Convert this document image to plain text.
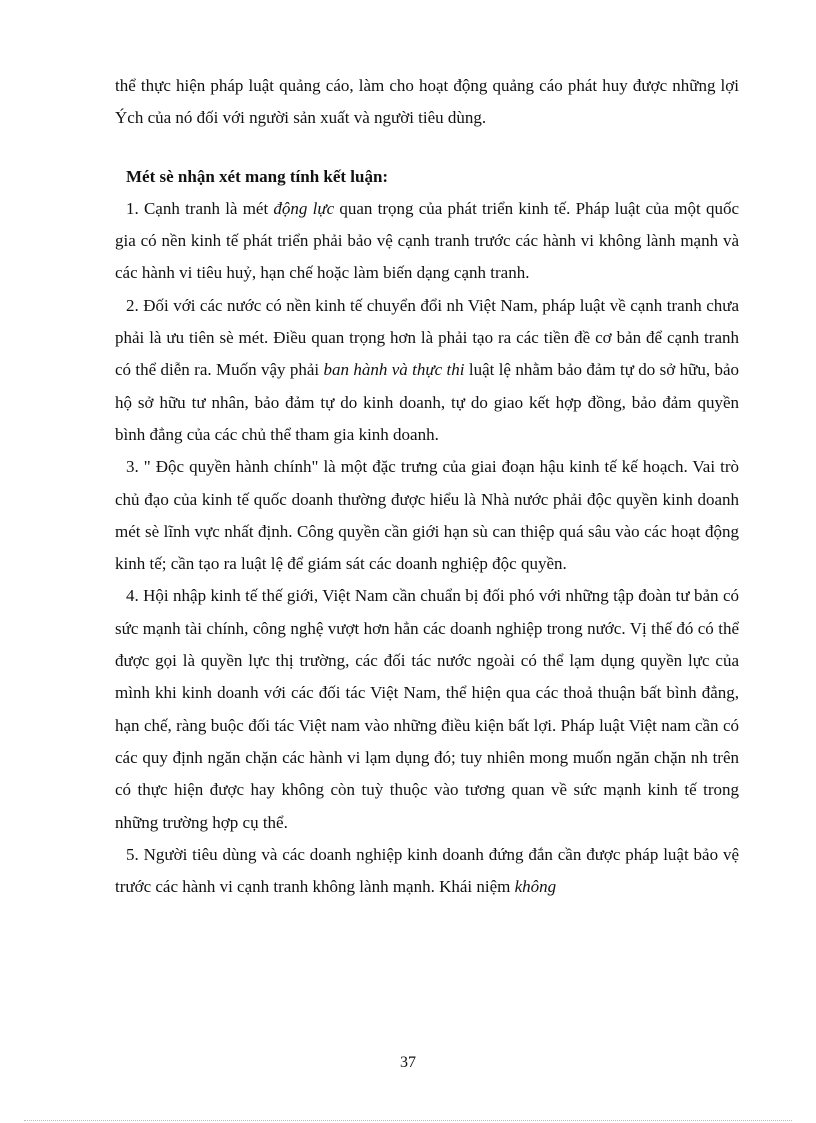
thể thực hiện pháp luật quảng cáo, làm cho hoạt động quảng cáo phát huy được những lợi Ých của nó đối với người sản xuất và người tiêu dùng.

Mét sè nhận xét mang tính kết luận:

1. Cạnh tranh là mét động lực quan trọng của phát triển kinh tế. Pháp luật của một quốc gia có nền kinh tế phát triển phải bảo vệ cạnh tranh trước các hành vi không lành mạnh và các hành vi tiêu huỷ, hạn chế hoặc làm biến dạng cạnh tranh.

2. Đối với các nước có nền kinh tế chuyển đổi nh Việt Nam, pháp luật về cạnh tranh chưa phải là ưu tiên sè mét. Điều quan trọng hơn là phải tạo ra các tiền đề cơ bản để cạnh tranh có thể diễn ra. Muốn vậy phải ban hành và thực thi luật lệ nhằm bảo đảm tự do sở hữu, bảo hộ sở hữu tư nhân, bảo đảm tự do kinh doanh, tự do giao kết hợp đồng, bảo đảm quyền bình đẳng của các chủ thể tham gia kinh doanh.

3. " Độc quyền hành chính" là một đặc trưng của giai đoạn hậu kinh tế kế hoạch. Vai trò chủ đạo của kinh tế quốc doanh thường được hiểu là Nhà nước phải độc quyền kinh doanh mét sè lĩnh vực nhất định. Công quyền cần giới hạn sù can thiệp quá sâu vào các hoạt động kinh tế; cần tạo ra luật lệ để giám sát các doanh nghiệp độc quyền.

4. Hội nhập kinh tế thế giới, Việt Nam cần chuẩn bị đối phó với những tập đoàn tư bản có sức mạnh tài chính, công nghệ vượt hơn hẳn các doanh nghiệp trong nước. Vị thế đó có thể được gọi là quyền lực thị trường, các đối tác nước ngoài có thể lạm dụng quyền lực của mình khi kinh doanh với các đối tác Việt Nam, thể hiện qua các thoả thuận bất bình đẳng, hạn chế, ràng buộc đối tác Việt nam vào những điều kiện bất lợi. Pháp luật Việt nam cần có các quy định ngăn chặn các hành vi lạm dụng đó; tuy nhiên mong muốn ngăn chặn nh trên có thực hiện được hay không còn tuỳ thuộc vào tương quan về sức mạnh kinh tế trong những trường hợp cụ thể.

5. Người tiêu dùng và các doanh nghiệp kinh doanh đứng đắn cần được pháp luật bảo vệ trước các hành vi cạnh tranh không lành mạnh. Khái niệm không

37
